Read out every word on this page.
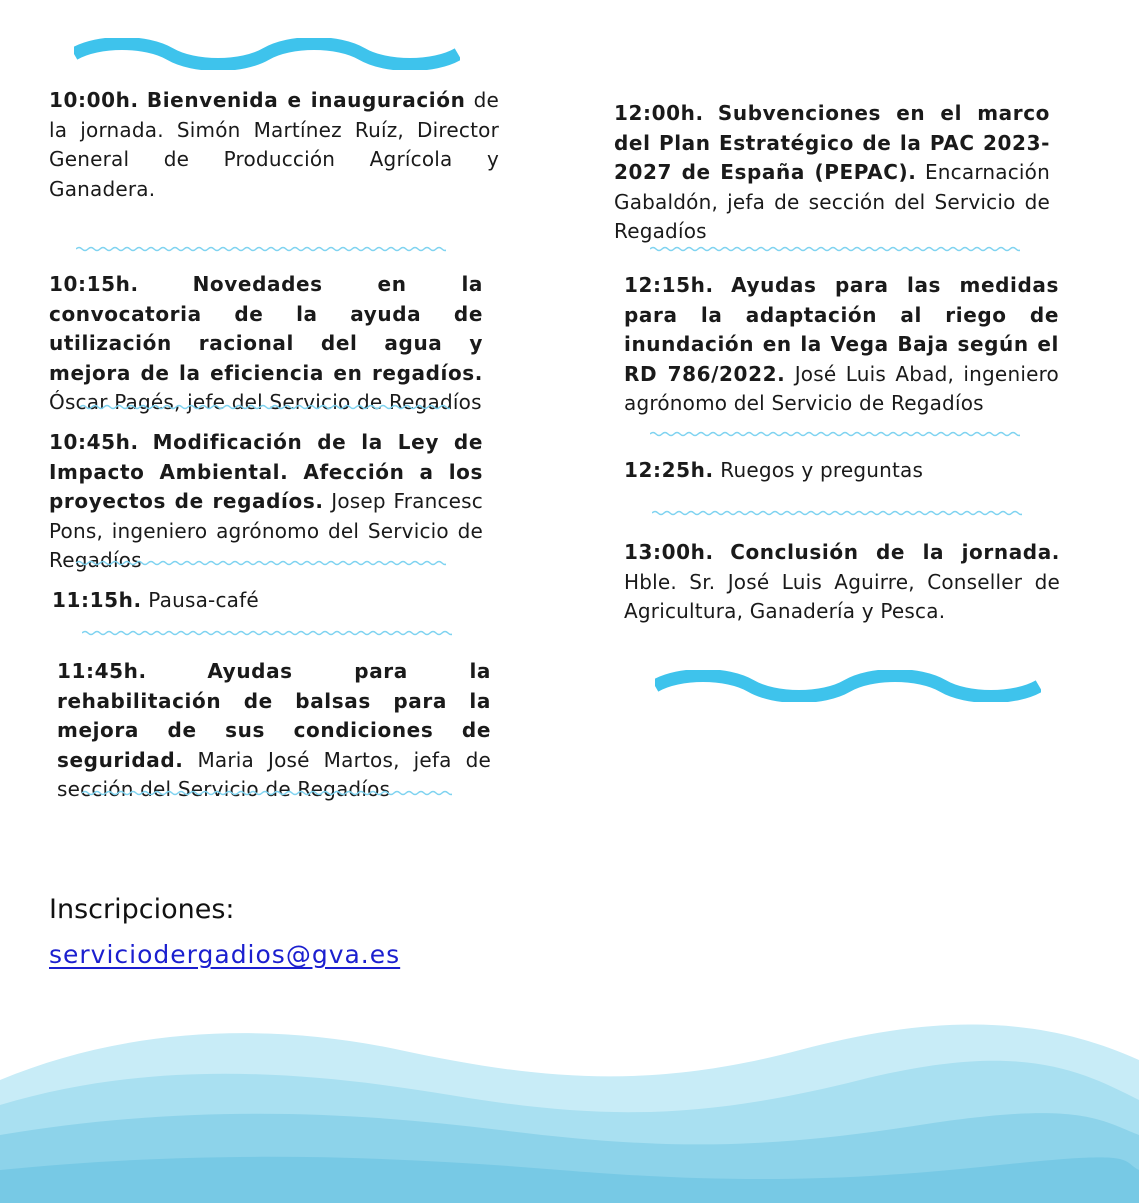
10:00h. Bienvenida e inauguración de la jornada. Simón Martínez Ruíz, Director General de Producción Agrícola y Ganadera.
10:15h.	Novedades en la convocatoria de la ayuda de utilización racional del agua y mejora de la eficiencia en regadíos. Óscar Pagés, jefe del Servicio de Regadíos
10:45h. Modificación de la Ley de Impacto Ambiental. Afección a los proyectos de regadíos. Josep Francesc Pons, ingeniero agrónomo del Servicio de Regadíos
11:15h. Pausa-café
11:45h.	Ayudas para la rehabilitación de balsas para la mejora de sus condiciones de seguridad. Maria José Martos, jefa de sección del Servicio de Regadíos
12:00h. Subvenciones en el marco del Plan Estratégico de la PAC 2023-2027 de España (PEPAC). Encarnación Gabaldón, jefa de sección del Servicio de Regadíos
12:15h. Ayudas para las medidas para la adaptación al riego de inundación en la Vega Baja según el RD 786/2022. José Luis Abad, ingeniero agrónomo del Servicio de Regadíos
12:25h. Ruegos y preguntas
13:00h. Conclusión de la jornada. Hble. Sr. José Luis Aguirre, Conseller de Agricultura, Ganadería y Pesca.
Inscripciones:
serviciodergadios@gva.es
